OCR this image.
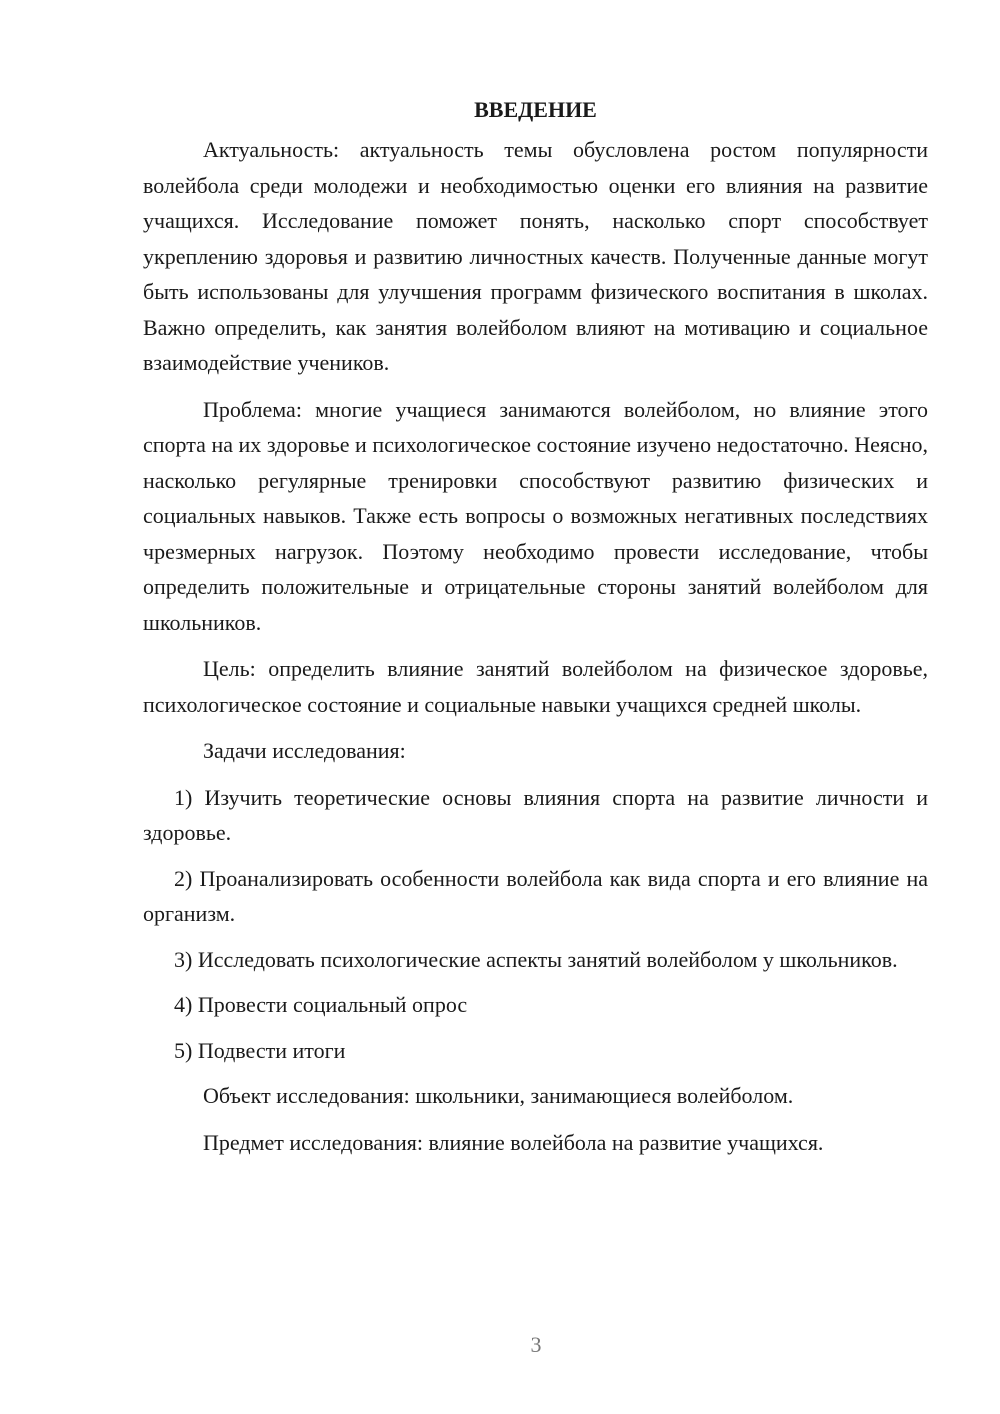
ВВЕДЕНИЕ

Актуальность: актуальность темы обусловлена ростом популярности волейбола среди молодежи и необходимостью оценки его влияния на развитие учащихся. Исследование поможет понять, насколько спорт способствует укреплению здоровья и развитию личностных качеств. Полученные данные могут быть использованы для улучшения программ физического воспитания в школах. Важно определить, как занятия волейболом влияют на мотивацию и социальное взаимодействие учеников.

Проблема: многие учащиеся занимаются волейболом, но влияние этого спорта на их здоровье и психологическое состояние изучено недостаточно. Неясно, насколько регулярные тренировки способствуют развитию физических и социальных навыков. Также есть вопросы о возможных негативных последствиях чрезмерных нагрузок. Поэтому необходимо провести исследование, чтобы определить положительные и отрицательные стороны занятий волейболом для школьников.

Цель: определить влияние занятий волейболом на физическое здоровье, психологическое состояние и социальные навыки учащихся средней школы.

Задачи исследования:

1) Изучить теоретические основы влияния спорта на развитие личности и здоровье.

2) Проанализировать особенности волейбола как вида спорта и его влияние на организм.

3) Исследовать психологические аспекты занятий волейболом у школьников.

4) Провести социальный опрос

5) Подвести итоги

Объект исследования: школьники, занимающиеся волейболом.

Предмет исследования: влияние волейбола на развитие учащихся.

3
